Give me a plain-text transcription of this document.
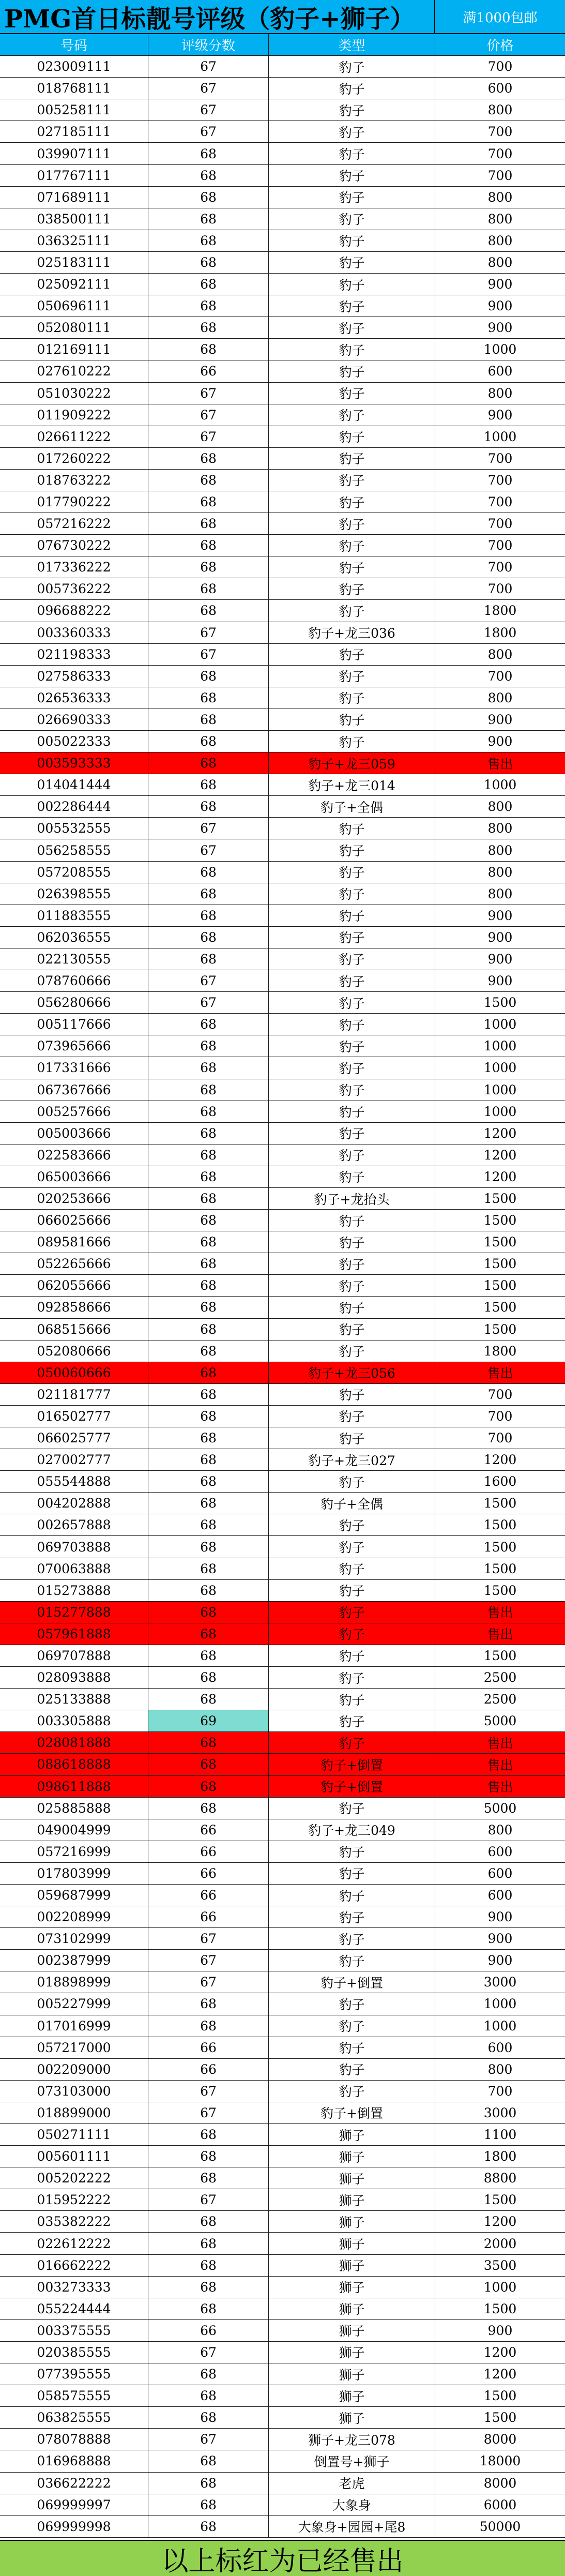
PMG首日标靓号评级（豹子+狮子）	满1000包邮
号码	评级分数	类型	价格
023009111	67	豹子	700
018768111	67	豹子	600
005258111	67	豹子	800
027185111	67	豹子	700
039907111	68	豹子	700
017767111	68	豹子	700
071689111	68	豹子	800
038500111	68	豹子	800
036325111	68	豹子	800
025183111	68	豹子	800
025092111	68	豹子	900
050696111	68	豹子	900
052080111	68	豹子	900
012169111	68	豹子	1000
027610222	66	豹子	600
051030222	67	豹子	800
011909222	67	豹子	900
026611222	67	豹子	1000
017260222	68	豹子	700
018763222	68	豹子	700
017790222	68	豹子	700
057216222	68	豹子	700
076730222	68	豹子	700
017336222	68	豹子	700
005736222	68	豹子	700
096688222	68	豹子	1800
003360333	67	豹子+龙三036	1800
021198333	67	豹子	800
027586333	68	豹子	700
026536333	68	豹子	800
026690333	68	豹子	900
005022333	68	豹子	900
003593333	68	豹子+龙三059	售出
014041444	68	豹子+龙三014	1000
002286444	68	豹子+全偶	800
005532555	67	豹子	800
056258555	67	豹子	800
057208555	68	豹子	800
026398555	68	豹子	800
011883555	68	豹子	900
062036555	68	豹子	900
022130555	68	豹子	900
078760666	67	豹子	900
056280666	67	豹子	1500
005117666	68	豹子	1000
073965666	68	豹子	1000
017331666	68	豹子	1000
067367666	68	豹子	1000
005257666	68	豹子	1000
005003666	68	豹子	1200
022583666	68	豹子	1200
065003666	68	豹子	1200
020253666	68	豹子+龙抬头	1500
066025666	68	豹子	1500
089581666	68	豹子	1500
052265666	68	豹子	1500
062055666	68	豹子	1500
092858666	68	豹子	1500
068515666	68	豹子	1500
052080666	68	豹子	1800
050060666	68	豹子+龙三056	售出
021181777	68	豹子	700
016502777	68	豹子	700
066025777	68	豹子	700
027002777	68	豹子+龙三027	1200
055544888	68	豹子	1600
004202888	68	豹子+全偶	1500
002657888	68	豹子	1500
069703888	68	豹子	1500
070063888	68	豹子	1500
015273888	68	豹子	1500
015277888	68	豹子	售出
057961888	68	豹子	售出
069707888	68	豹子	1500
028093888	68	豹子	2500
025133888	68	豹子	2500
003305888	69	豹子	5000
028081888	68	豹子	售出
088618888	68	豹子+倒置	售出
098611888	68	豹子+倒置	售出
025885888	68	豹子	5000
049004999	66	豹子+龙三049	800
057216999	66	豹子	600
017803999	66	豹子	600
059687999	66	豹子	600
002208999	66	豹子	900
073102999	67	豹子	900
002387999	67	豹子	900
018898999	67	豹子+倒置	3000
005227999	68	豹子	1000
017016999	68	豹子	1000
057217000	66	豹子	600
002209000	66	豹子	800
073103000	67	豹子	700
018899000	67	豹子+倒置	3000
050271111	68	狮子	1100
005601111	68	狮子	1800
005202222	68	狮子	8800
015952222	67	狮子	1500
035382222	68	狮子	1200
022612222	68	狮子	2000
016662222	68	狮子	3500
003273333	68	狮子	1000
055224444	68	狮子	1500
003375555	66	狮子	900
020385555	67	狮子	1200
077395555	68	狮子	1200
058575555	68	狮子	1500
063825555	68	狮子	1500
078078888	67	狮子+龙三078	8000
016968888	68	倒置号+狮子	18000
036622222	68	老虎	8000
069999997	68	大象身	6000
069999998	68	大象身+园园+尾8	50000
以上标红为已经售出
